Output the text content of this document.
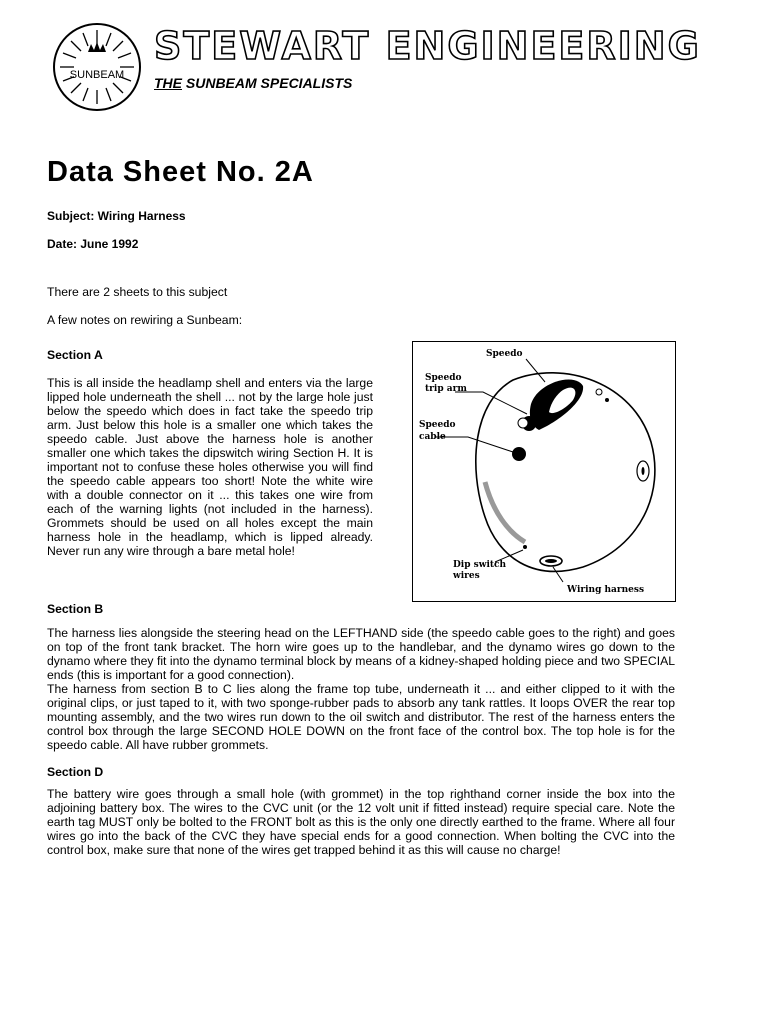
SUNBEAM
STEWART ENGINEERING
THE SUNBEAM SPECIALISTS
Data Sheet No. 2A
Subject: Wiring Harness
Date: June 1992
There are 2 sheets to this subject
A few notes on rewiring a Sunbeam:
Section A
This is all inside the headlamp shell and enters via the large lipped hole underneath the shell ... not by the large hole just below the speedo which does in fact take the speedo trip arm. Just below this hole is a smaller one which takes the speedo cable. Just above the harness hole is another smaller one which takes the dipswitch wiring Section H. It is important not to confuse these holes otherwise you will find the speedo cable appears too short! Note the white wire with a double connector on it ... this takes one wire from each of the warning lights (not included in the harness). Grommets should be used on all holes except the main harness hole in the headlamp, which is lipped already. Never run any wire through a bare metal hole!
Speedo
Speedo
trip arm
Speedo
cable
Dip switch
wires
Wiring harness
Section B
The harness lies alongside the steering head on the LEFTHAND side (the speedo cable goes to the right) and goes on top of the front tank bracket. The horn wire goes up to the handlebar, and the dynamo wires go down to the dynamo where they fit into the dynamo terminal block by means of a kidney-shaped holding piece and two SPECIAL ends (this is important for a good connection).
The harness from section B to C lies along the frame top tube, underneath it ... and either clipped to it with the original clips, or just taped to it, with two sponge-rubber pads to absorb any tank rattles. It loops OVER the rear top mounting assembly, and the two wires run down to the oil switch and distributor. The rest of the harness enters the control box through the large SECOND HOLE DOWN on the front face of the control box. The top hole is for the speedo cable. All have rubber grommets.
Section D
The battery wire goes through a small hole (with grommet) in the top righthand corner inside the box into the adjoining battery box. The wires to the CVC unit (or the 12 volt unit if fitted instead) require special care. Note the earth tag MUST only be bolted to the FRONT bolt as this is the only one directly earthed to the frame. Where all four wires go into the back of the CVC they have special ends for a good connection. When bolting the CVC into the control box, make sure that none of the wires get trapped behind it as this will cause no charge!
